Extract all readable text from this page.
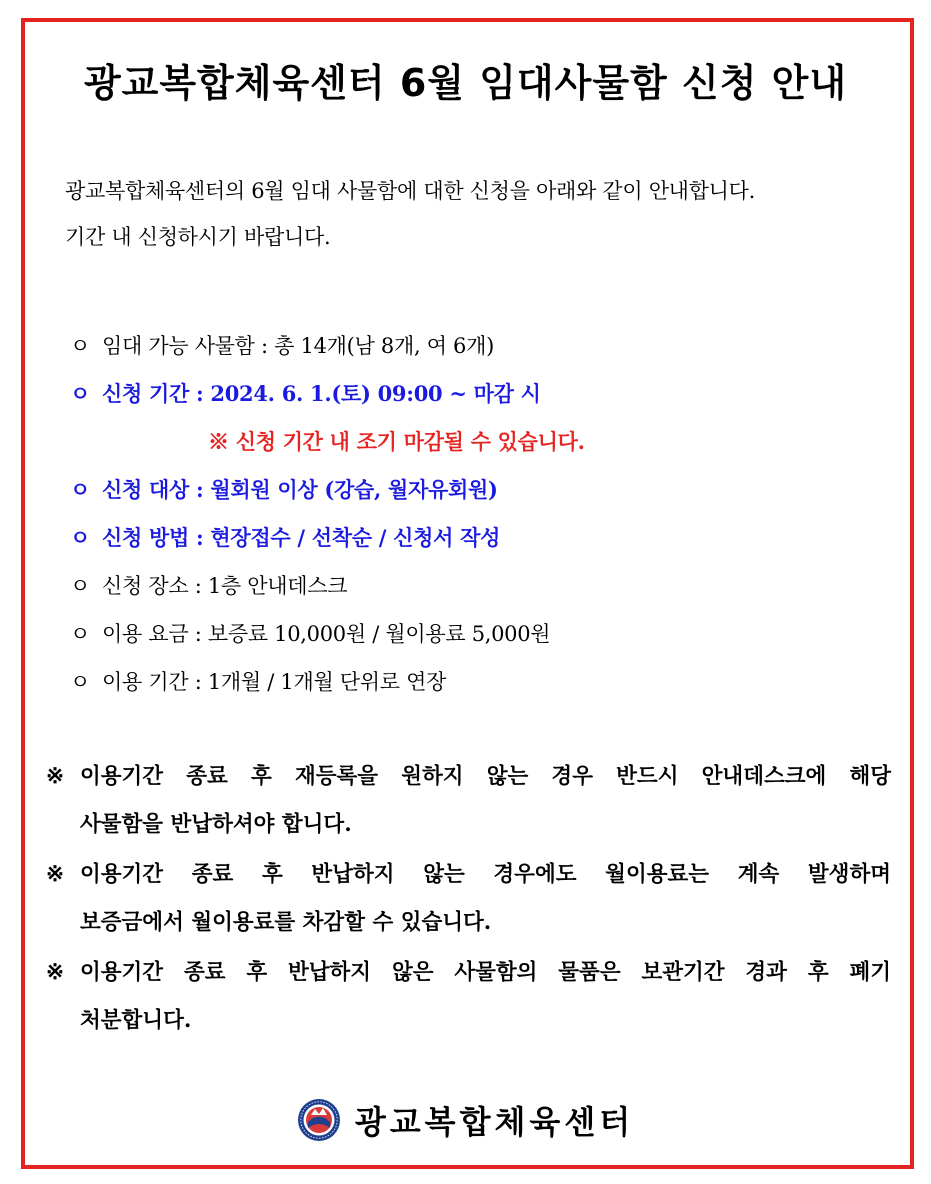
광교복합체육센터 6월 임대사물함 신청 안내

광교복합체육센터의 6월 임대 사물함에 대한 신청을 아래와 같이 안내합니다.

기간 내 신청하시기 바랍니다.

ㅇ 임대 가능 사물함 : 총 14개(남 8개, 여 6개)
ㅇ 신청 기간 : 2024. 6. 1.(토) 09:00 ~ 마감 시
※ 신청 기간 내 조기 마감될 수 있습니다.
ㅇ 신청 대상 : 월회원 이상 (강습, 월자유회원)
ㅇ 신청 방법 : 현장접수 / 선착순 / 신청서 작성
ㅇ 신청 장소 : 1층 안내데스크
ㅇ 이용 요금 : 보증료 10,000원 / 월이용료 5,000원
ㅇ 이용 기간 : 1개월 / 1개월 단위로 연장
※ 이용기간 종료 후 재등록을 원하지 않는 경우 반드시 안내데스크에 해당
사물함을 반납하셔야 합니다.
※ 이용기간 종료 후 반납하지 않는 경우에도 월이용료는 계속 발생하며
보증금에서 월이용료를 차감할 수 있습니다.
※ 이용기간 종료 후 반납하지 않은 사물함의 물품은 보관기간 경과 후 폐기
처분합니다.
광교복합체육센터
